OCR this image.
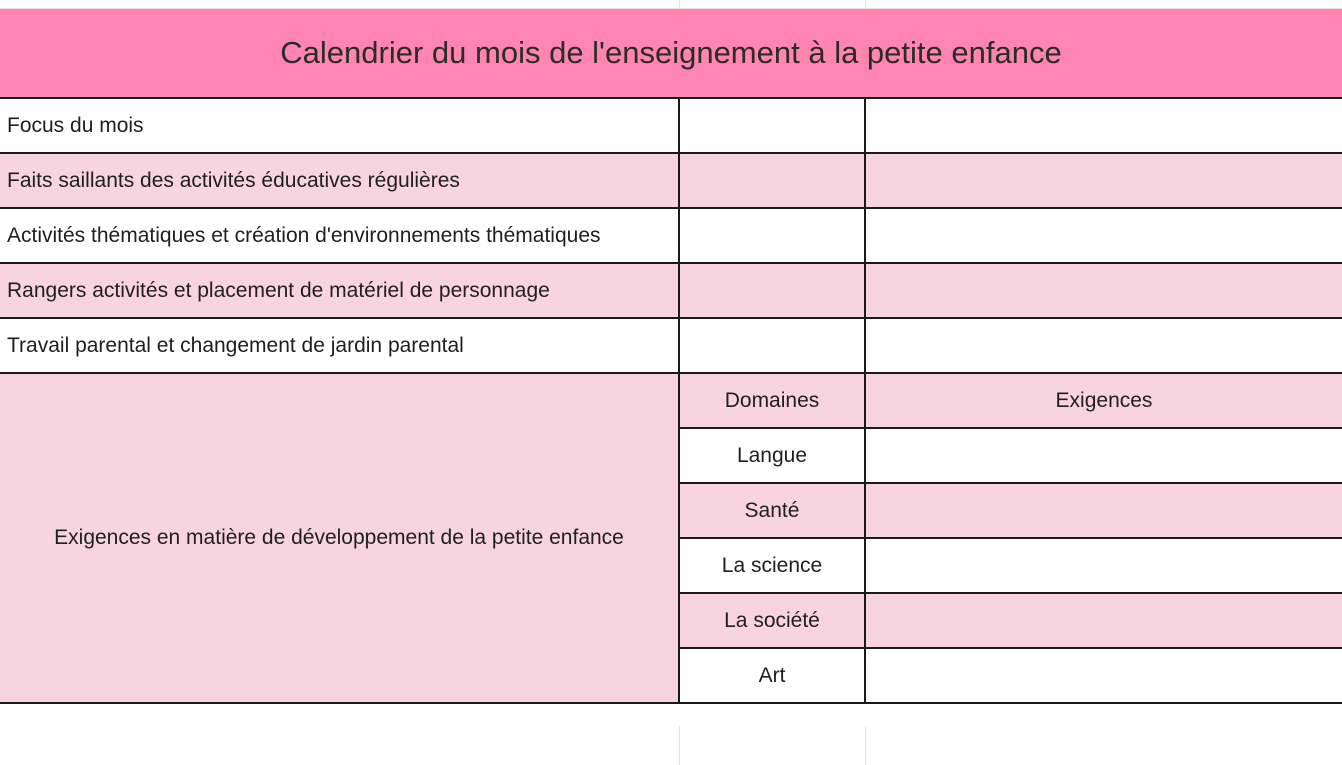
Calendrier du mois de l'enseignement à la petite enfance		
Focus du mois		
Faits saillants des activités éducatives régulières		
Activités thématiques et création d'environnements thématiques		
Rangers activités et placement de matériel de personnage		
Travail parental et changement de jardin parental		
Exigences en matière de développement de la petite enfance	Domaines	Exigences
	Langue	
	Santé	
	La science	
	La société	
	Art	
